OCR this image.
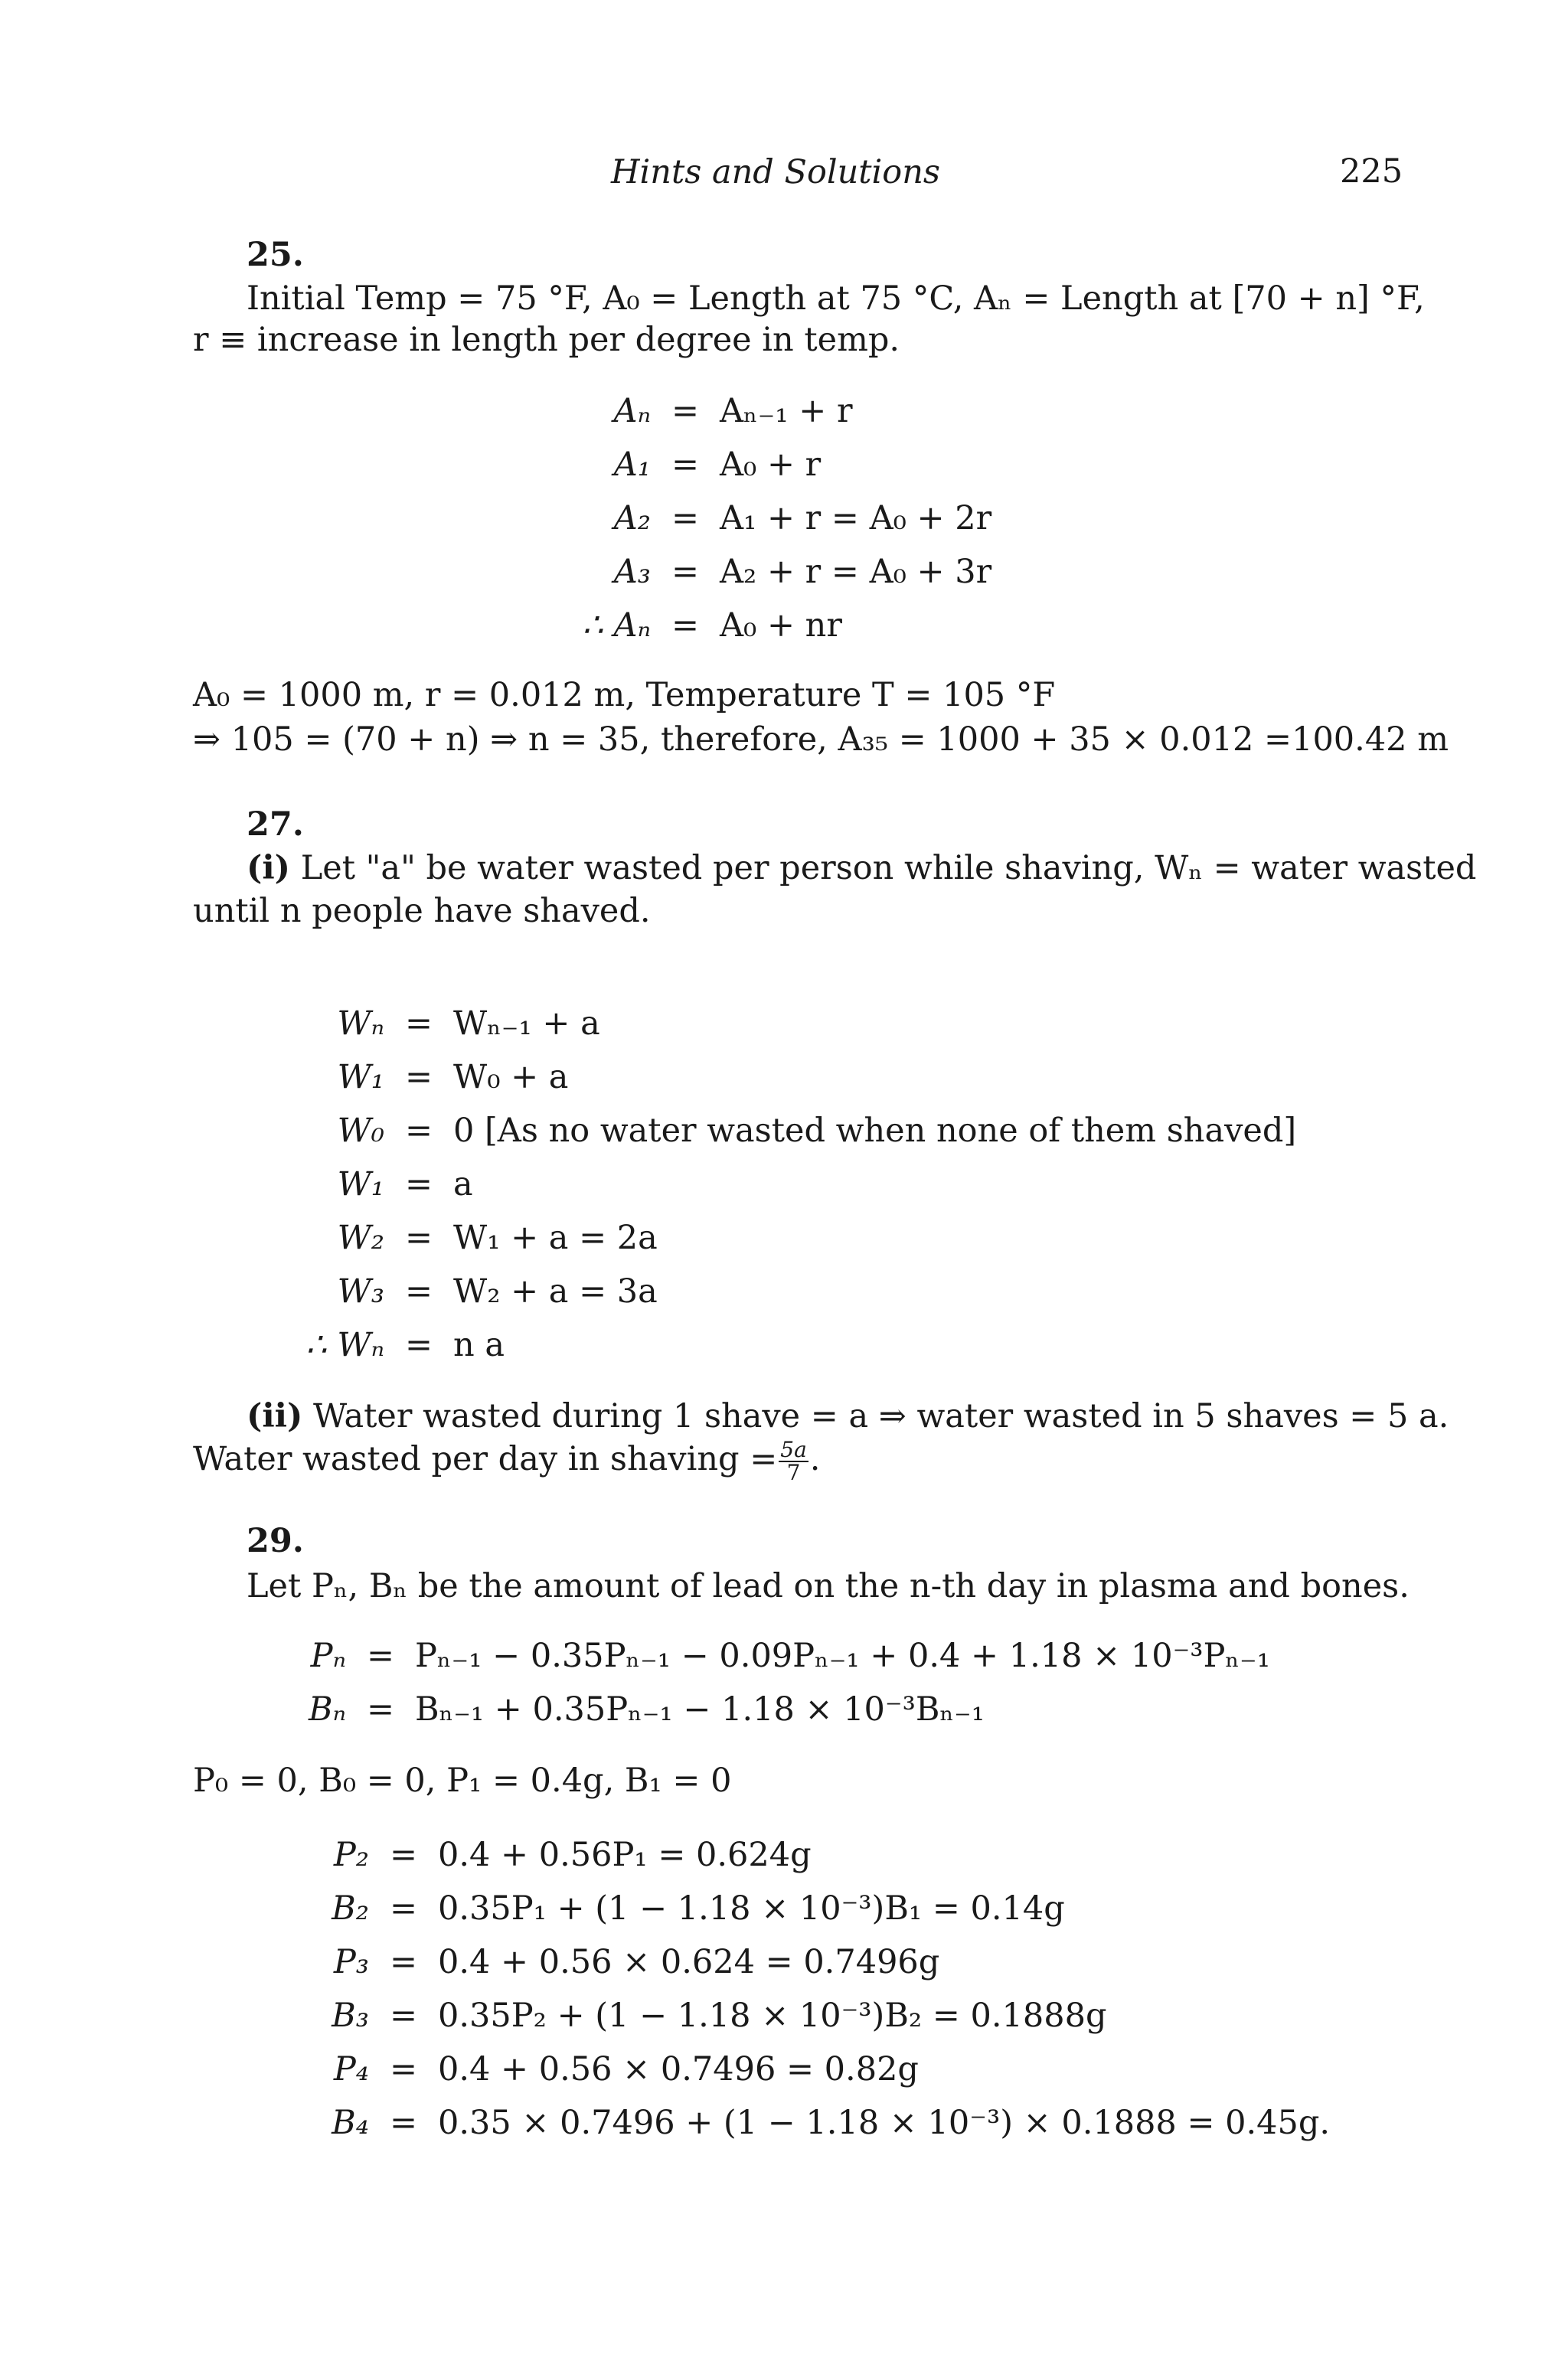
Hints and Solutions	225
25.
Initial Temp = 75 °F, A₀ = Length at 75 °C, Aₙ = Length at [70 + n] °F,
r ≡ increase in length per degree in temp.
Aₙ	=	Aₙ₋₁ + r
A₁	=	A₀ + r
A₂	=	A₁ + r = A₀ + 2r
A₃	=	A₂ + r = A₀ + 3r
∴ Aₙ	=	A₀ + nr
A₀ = 1000 m, r = 0.012 m, Temperature T = 105 °F
⇒ 105 = (70 + n) ⇒ n = 35, therefore, A₃₅ = 1000 + 35 × 0.012 =100.42 m
27.
(i) Let "a" be water wasted per person while shaving, Wₙ = water wasted
until n people have shaved.
Wₙ	=	Wₙ₋₁ + a
W₁	=	W₀ + a
W₀	=	0 [As no water wasted when none of them shaved]
W₁	=	a
W₂	=	W₁ + a = 2a
W₃	=	W₂ + a = 3a
∴ Wₙ	=	n a
(ii) Water wasted during 1 shave = a ⇒ water wasted in 5 shaves = 5 a.
Water wasted per day in shaving = $\frac{5a}{7}$ .
29.
Let Pₙ, Bₙ be the amount of lead on the n-th day in plasma and bones.
Pₙ	=	Pₙ₋₁ − 0.35Pₙ₋₁ − 0.09Pₙ₋₁ + 0.4 + 1.18 × 10⁻³Pₙ₋₁
Bₙ	=	Bₙ₋₁ + 0.35Pₙ₋₁ − 1.18 × 10⁻³Bₙ₋₁
P₀ = 0, B₀ = 0, P₁ = 0.4g, B₁ = 0
P₂	=	0.4 + 0.56P₁ = 0.624g
B₂	=	0.35P₁ + (1 − 1.18 × 10⁻³)B₁ = 0.14g
P₃	=	0.4 + 0.56 × 0.624 = 0.7496g
B₃	=	0.35P₂ + (1 − 1.18 × 10⁻³)B₂ = 0.1888g
P₄	=	0.4 + 0.56 × 0.7496 = 0.82g
B₄	=	0.35 × 0.7496 + (1 − 1.18 × 10⁻³) × 0.1888 = 0.45g.
